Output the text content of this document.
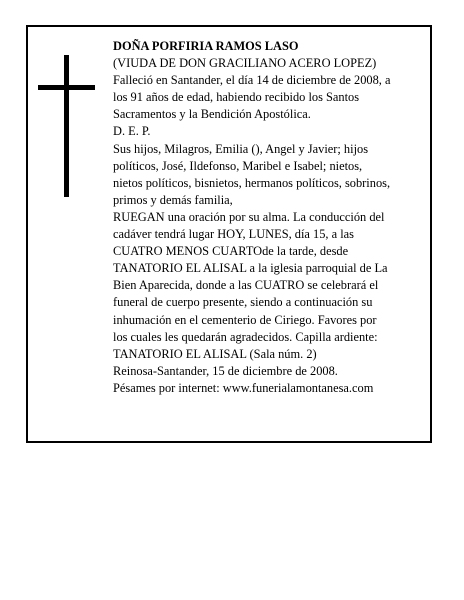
DOÑA PORFIRIA RAMOS LASO
(VIUDA DE DON GRACILIANO ACERO LOPEZ)
Falleció en Santander, el día 14 de diciembre de 2008, a
los 91 años de edad, habiendo recibido los Santos
Sacramentos y la Bendición Apostólica.
D. E. P.
Sus hijos, Milagros, Emilia (), Angel y Javier; hijos
políticos, José, Ildefonso, Maribel e Isabel; nietos,
nietos políticos, bisnietos, hermanos políticos, sobrinos,
primos y demás familia,
RUEGAN una oración por su alma. La conducción del
cadáver tendrá lugar HOY, LUNES, día 15, a las
CUATRO MENOS CUARTOde la tarde, desde
TANATORIO EL ALISAL a la iglesia parroquial de La
Bien Aparecida, donde a las CUATRO se celebrará el
funeral de cuerpo presente, siendo a continuación su
inhumación en el cementerio de Ciriego. Favores por
los cuales les quedarán agradecidos. Capilla ardiente:
TANATORIO EL ALISAL (Sala núm. 2)
Reinosa-Santander, 15 de diciembre de 2008.
Pésames por internet: www.funerialamontanesa.com
